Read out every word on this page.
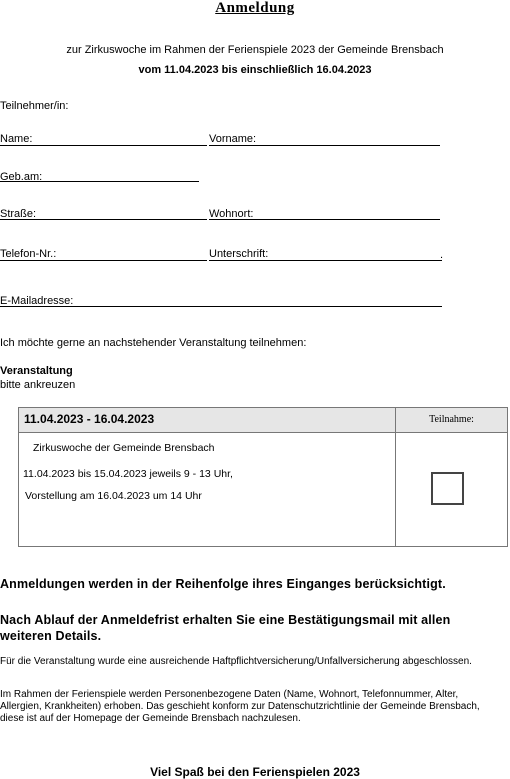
Anmeldung
zur Zirkuswoche im Rahmen der Ferienspiele 2023 der Gemeinde Brensbach
vom 11.04.2023 bis einschließlich 16.04.2023
Teilnehmer/in:
Name:	Vorname:
Geb.am:
Straße:	Wohnort:
Telefon-Nr.:	Unterschrift:	.
E-Mailadresse:
Ich möchte gerne an nachstehender Veranstaltung teilnehmen:
Veranstaltung
bitte ankreuzen
11.04.2023 - 16.04.2023	Teilnahme:
Zirkuswoche der Gemeinde Brensbach
11.04.2023 bis 15.04.2023 jeweils 9 - 13 Uhr,
Vorstellung am 16.04.2023 um 14 Uhr
Anmeldungen werden in der Reihenfolge ihres Einganges berücksichtigt.
Nach Ablauf der Anmeldefrist erhalten Sie eine Bestätigungsmail mit allen weiteren Details.
Für die Veranstaltung wurde eine ausreichende Haftpflichtversicherung/Unfallversicherung abgeschlossen.
Im Rahmen der Ferienspiele werden Personenbezogene Daten (Name, Wohnort, Telefonnummer, Alter, Allergien, Krankheiten) erhoben. Das geschieht konform zur Datenschutzrichtlinie der Gemeinde Brensbach, diese ist auf der Homepage der Gemeinde Brensbach nachzulesen.
Viel Spaß bei den Ferienspielen 2023
